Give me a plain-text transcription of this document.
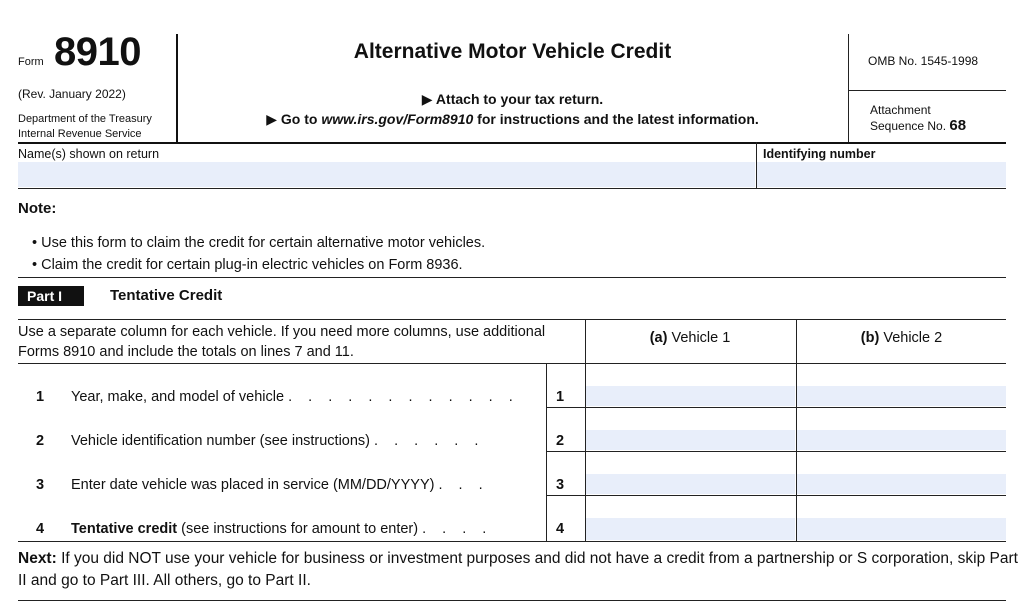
Form 8910
(Rev. January 2022)
Department of the Treasury
Internal Revenue Service
Alternative Motor Vehicle Credit
▶ Attach to your tax return.
▶ Go to www.irs.gov/Form8910 for instructions and the latest information.
OMB No. 1545-1998
Attachment
Sequence No. 68
Name(s) shown on return	Identifying number
Note:
• Use this form to claim the credit for certain alternative motor vehicles.
• Claim the credit for certain plug-in electric vehicles on Form 8936.
Part I	Tentative Credit
Use a separate column for each vehicle. If you need more columns, use additional Forms 8910 and include the totals on lines 7 and 11.
(a) Vehicle 1	(b) Vehicle 2
1 Year, make, and model of vehicle . . . . . . . . . . . .	1
2 Vehicle identification number (see instructions) . . . . . .	2
3 Enter date vehicle was placed in service (MM/DD/YYYY) . . .	3
4 Tentative credit (see instructions for amount to enter) . . . .	4
Next: If you did NOT use your vehicle for business or investment purposes and did not have a credit from a partnership or S corporation, skip Part II and go to Part III. All others, go to Part II.
